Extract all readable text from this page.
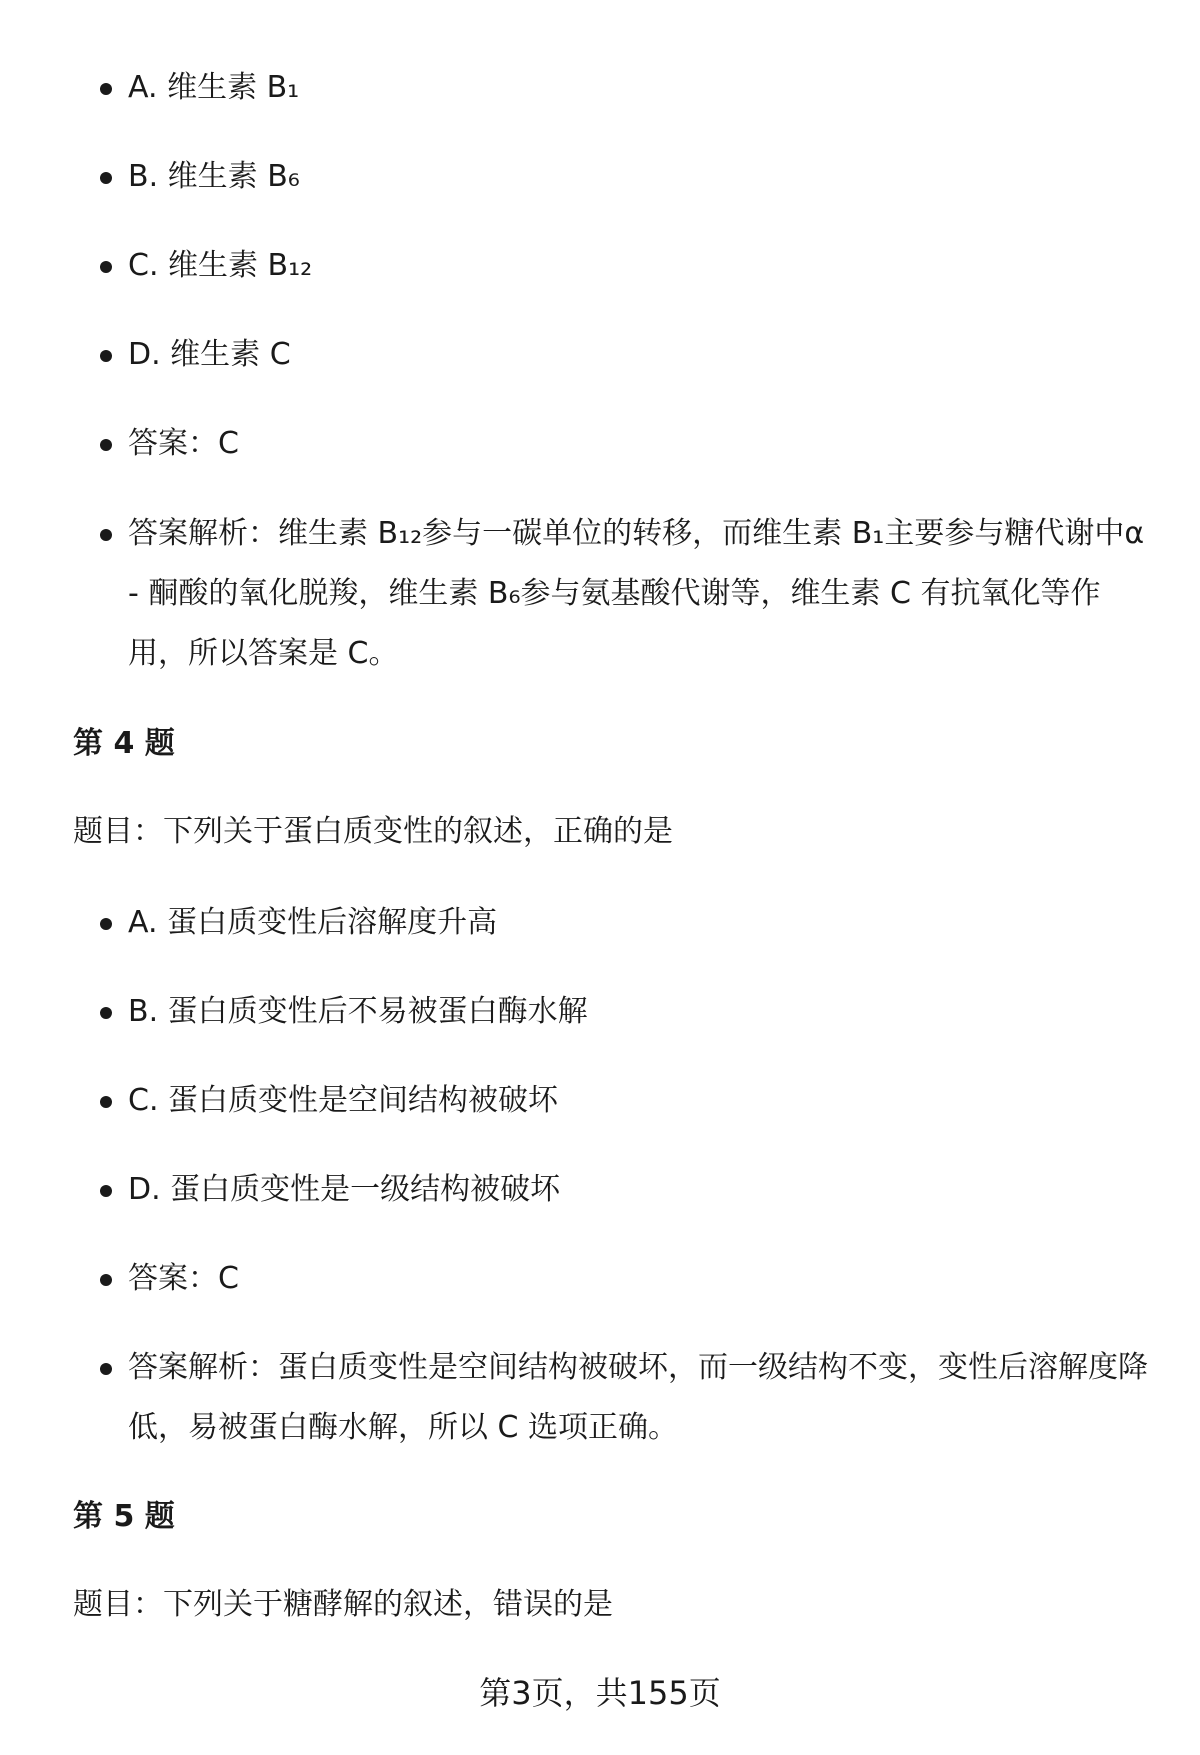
A. 维生素 B₁
B. 维生素 B₆
C. 维生素 B₁₂
D. 维生素 C
答案：C
答案解析：维生素 B₁₂参与一碳单位的转移，而维生素 B₁主要参与糖代谢中α - 酮酸的氧化脱羧，维生素 B₆参与氨基酸代谢等，维生素 C 有抗氧化等作用，所以答案是 C。
第 4 题
题目：下列关于蛋白质变性的叙述，正确的是
A. 蛋白质变性后溶解度升高
B. 蛋白质变性后不易被蛋白酶水解
C. 蛋白质变性是空间结构被破坏
D. 蛋白质变性是一级结构被破坏
答案：C
答案解析：蛋白质变性是空间结构被破坏，而一级结构不变，变性后溶解度降低，易被蛋白酶水解，所以 C 选项正确。
第 5 题
题目：下列关于糖酵解的叙述，错误的是
第3页，共155页
